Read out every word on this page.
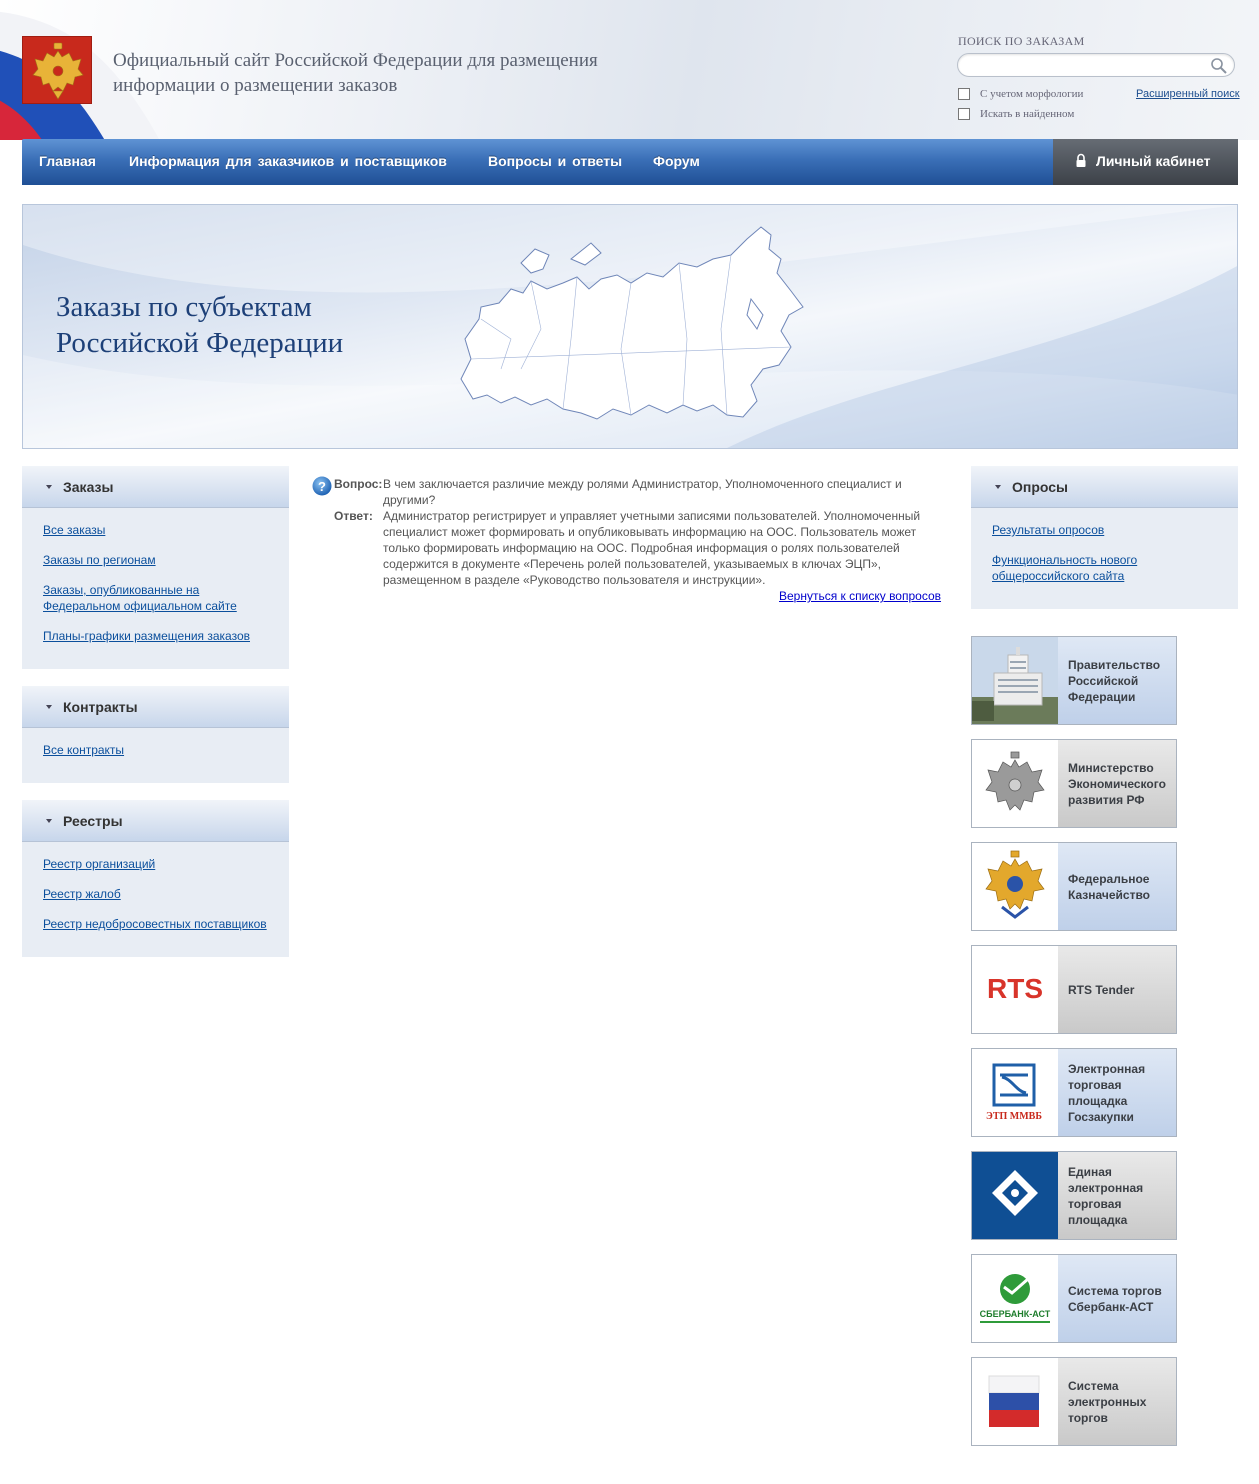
Официальный сайт Российской Федерации для размещения информации о размещении заказов
ПОИСК ПО ЗАКАЗАМ
С учетом морфологии
Искать в найденном
Расширенный поиск
Главная Информация для заказчиков и поставщиков	Вопросы и ответы Форум	Личный кабинет
Заказы по субъектам
Российской Федерации
Заказы
Все заказы
Заказы по регионам
Заказы, опубликованные на Федеральном официальном сайте
Планы-графики размещения заказов
Контракты
Все контракты
Реестры
Реестр организаций
Реестр жалоб
Реестр недобросовестных поставщиков
? Вопрос: В чем заключается различие между ролями Администратор, Уполномоченного специалист и другими?
Ответ: Администратор регистрирует и управляет учетными записями пользователей. Уполномоченный специалист может формировать и опубликовывать информацию на ООС. Пользователь может только формировать информацию на ООС. Подробная информация о ролях пользователей содержится в документе «Перечень ролей пользователей, указываемых в ключах ЭЦП», размещенном в разделе «Руководство пользователя и инструкции».
Вернуться к списку вопросов
Опросы
Результаты опросов
Функциональность нового общероссийского сайта
Правительство Российской Федерации
Министерство Экономического развития РФ
Федеральное Казначейство
RTS	RTS Tender
ЭТП ММВБ
Электронная торговая площадка Госзакупки
Единая электронная торговая площадка
СБЕРБАНК-АСТ
Система торгов Сбербанк-АСТ
Система электронных торгов
